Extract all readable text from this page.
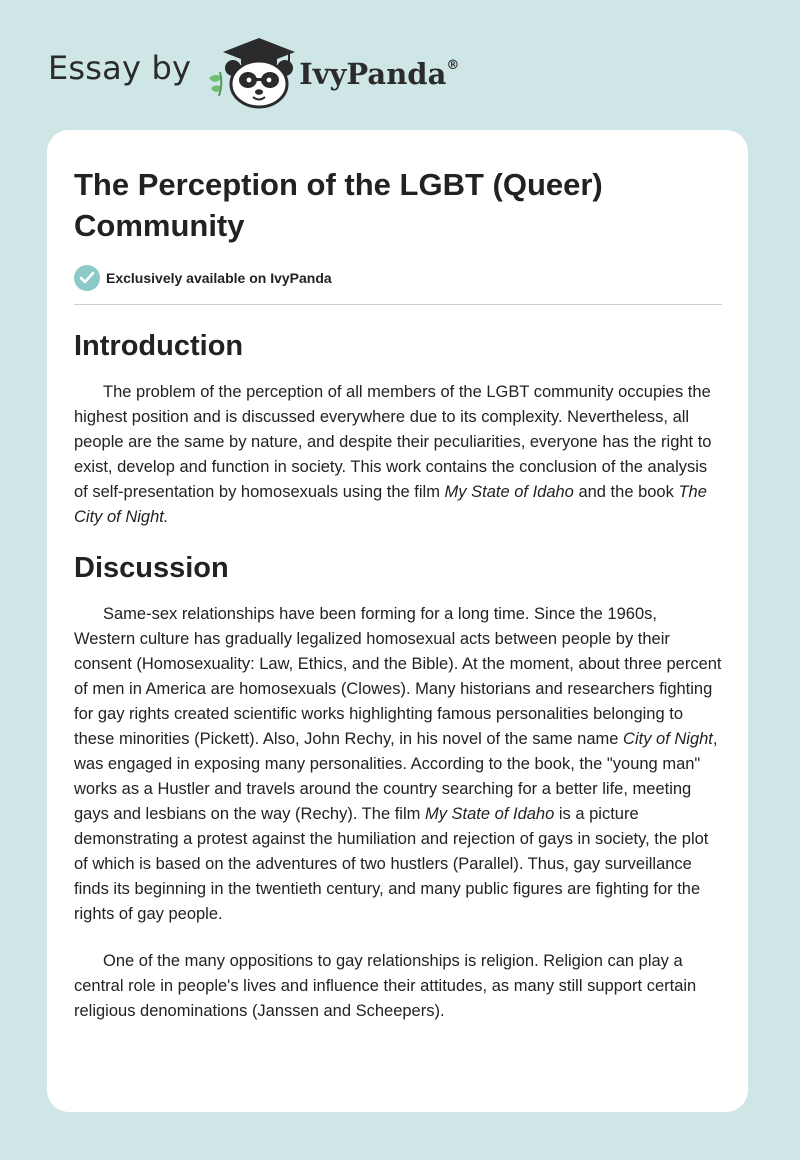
Essay by	IvyPanda®
The Perception of the LGBT (Queer) Community
Exclusively available on IvyPanda
Introduction

The problem of the perception of all members of the LGBT community occupies the highest position and is discussed everywhere due to its complexity. Nevertheless, all people are the same by nature, and despite their peculiarities, everyone has the right to exist, develop and function in society. This work contains the conclusion of the analysis of self-presentation by homosexuals using the film My State of Idaho and the book The City of Night.

Discussion

Same-sex relationships have been forming for a long time. Since the 1960s, Western culture has gradually legalized homosexual acts between people by their consent (Homosexuality: Law, Ethics, and the Bible). At the moment, about three percent of men in America are homosexuals (Clowes). Many historians and researchers fighting for gay rights created scientific works highlighting famous personalities belonging to these minorities (Pickett). Also, John Rechy, in his novel of the same name City of Night, was engaged in exposing many personalities. According to the book, the "young man" works as a Hustler and travels around the country searching for a better life, meeting gays and lesbians on the way (Rechy). The film My State of Idaho is a picture demonstrating a protest against the humiliation and rejection of gays in society, the plot of which is based on the adventures of two hustlers (Parallel). Thus, gay surveillance finds its beginning in the twentieth century, and many public figures are fighting for the rights of gay people.

One of the many oppositions to gay relationships is religion. Religion can play a central role in people's lives and influence their attitudes, as many still support certain religious denominations (Janssen and Scheepers).
